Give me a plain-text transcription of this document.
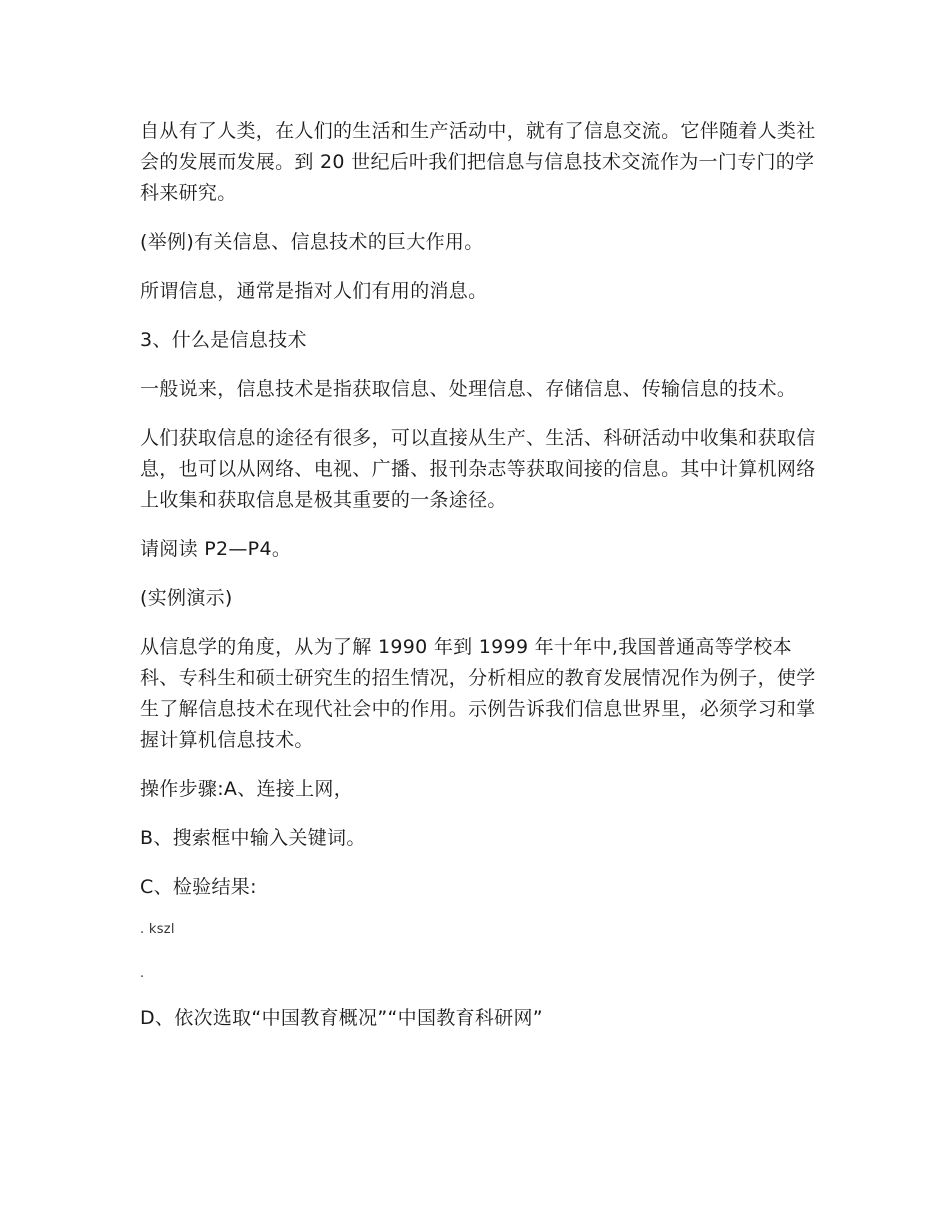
自从有了人类，在人们的生活和生产活动中，就有了信息交流。它伴随着人类社会的发展而发展。到 20 世纪后叶我们把信息与信息技术交流作为一门专门的学科来研究。

(举例)有关信息、信息技术的巨大作用。

所谓信息，通常是指对人们有用的消息。

3、什么是信息技术

一般说来，信息技术是指获取信息、处理信息、存储信息、传输信息的技术。

人们获取信息的途径有很多，可以直接从生产、生活、科研活动中收集和获取信息，也可以从网络、电视、广播、报刊杂志等获取间接的信息。其中计算机网络上收集和获取信息是极其重要的一条途径。

请阅读 P2—P4。

(实例演示)

从信息学的角度，从为了解 1990 年到 1999 年十年中,我国普通高等学校本科、专科生和硕士研究生的招生情况，分析相应的教育发展情况作为例子，使学生了解信息技术在现代社会中的作用。示例告诉我们信息世界里，必须学习和掌握计算机信息技术。

操作步骤:A、连接上网，

B、搜索框中输入关键词。

C、检验结果:

. kszl

.

D、依次选取“中国教育概况”“中国教育科研网”
